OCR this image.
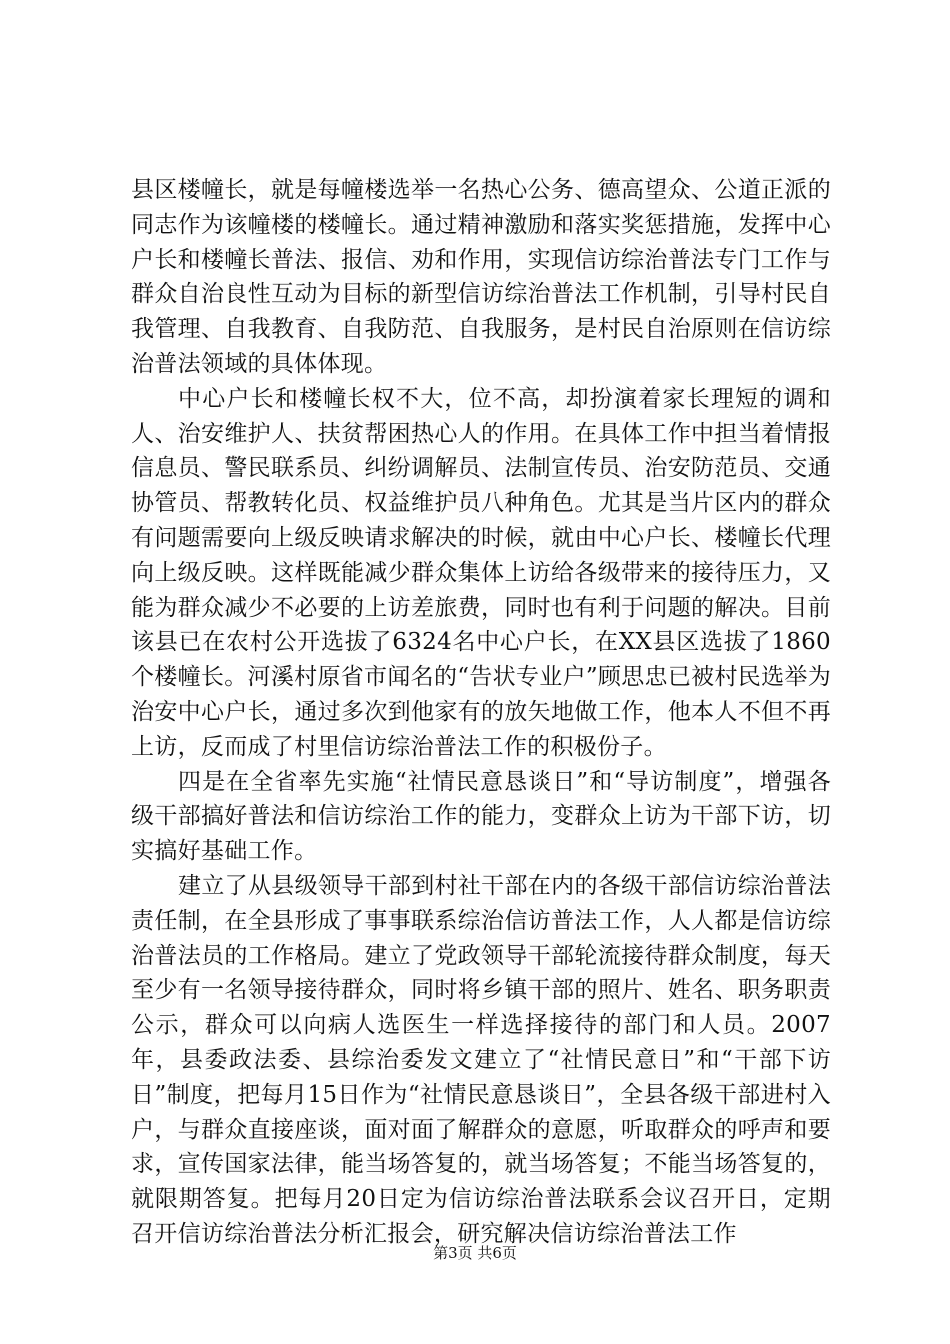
县区楼幢长，就是每幢楼选举一名热心公务、德高望众、公道正派的同志作为该幢楼的楼幢长。通过精神激励和落实奖惩措施，发挥中心户长和楼幢长普法、报信、劝和作用，实现信访综治普法专门工作与群众自治良性互动为目标的新型信访综治普法工作机制，引导村民自我管理、自我教育、自我防范、自我服务，是村民自治原则在信访综治普法领域的具体体现。

中心户长和楼幢长权不大，位不高，却扮演着家长理短的调和人、治安维护人、扶贫帮困热心人的作用。在具体工作中担当着情报信息员、警民联系员、纠纷调解员、法制宣传员、治安防范员、交通协管员、帮教转化员、权益维护员八种角色。尤其是当片区内的群众有问题需要向上级反映请求解决的时候，就由中心户长、楼幢长代理向上级反映。这样既能减少群众集体上访给各级带来的接待压力，又能为群众减少不必要的上访差旅费，同时也有利于问题的解决。目前该县已在农村公开选拔了6324名中心户长，在XX县区选拔了1860个楼幢长。河溪村原省市闻名的“告状专业户”顾思忠已被村民选举为治安中心户长，通过多次到他家有的放矢地做工作，他本人不但不再上访，反而成了村里信访综治普法工作的积极份子。

四是在全省率先实施“社情民意恳谈日”和“导访制度”，增强各级干部搞好普法和信访综治工作的能力，变群众上访为干部下访，切实搞好基础工作。

建立了从县级领导干部到村社干部在内的各级干部信访综治普法责任制，在全县形成了事事联系综治信访普法工作，人人都是信访综治普法员的工作格局。建立了党政领导干部轮流接待群众制度，每天至少有一名领导接待群众，同时将乡镇干部的照片、姓名、职务职责公示，群众可以向病人选医生一样选择接待的部门和人员。2007年，县委政法委、县综治委发文建立了“社情民意日”和“干部下访日”制度，把每月15日作为“社情民意恳谈日”，全县各级干部进村入户，与群众直接座谈，面对面了解群众的意愿，听取群众的呼声和要求，宣传国家法律，能当场答复的，就当场答复；不能当场答复的，就限期答复。把每月20日定为信访综治普法联系会议召开日，定期召开信访综治普法分析汇报会，研究解决信访综治普法工作

第3页 共6页
